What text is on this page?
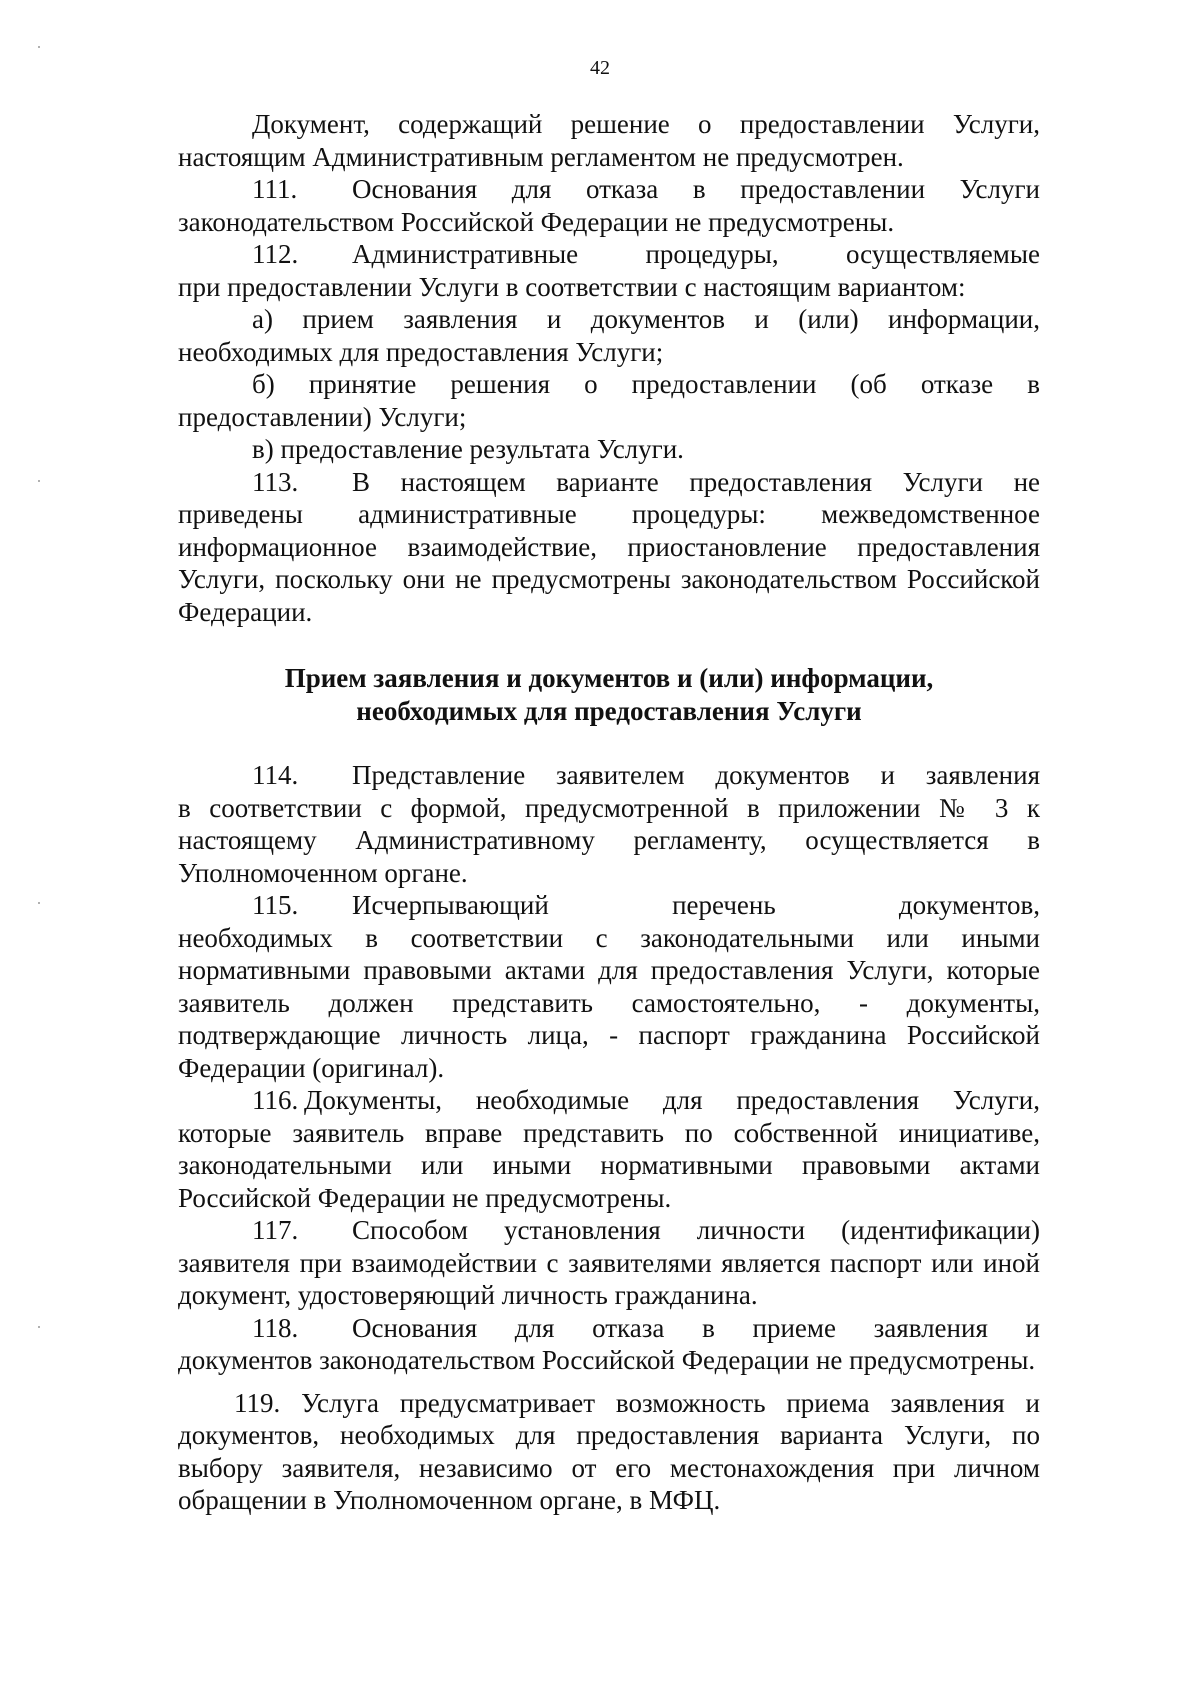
42
Документ, содержащий решение о предоставлении Услуги,
настоящим Административным регламентом не предусмотрен.
111. Основания для отказа в предоставлении Услуги
законодательством Российской Федерации не предусмотрены.
112. Административные процедуры, осуществляемые
при предоставлении Услуги в соответствии с настоящим вариантом:
а) прием заявления и документов и (или) информации,
необходимых для предоставления Услуги;
б) принятие решения о предоставлении (об отказе в
предоставлении) Услуги;
в) предоставление результата Услуги.
113. В настоящем варианте предоставления Услуги не
приведены административные процедуры: межведомственное информационное взаимодействие, приостановление предоставления Услуги, поскольку они не предусмотрены законодательством Российской Федерации.
Прием заявления и документов и (или) информации,
необходимых для предоставления Услуги
114. Представление заявителем документов и заявления
в соответствии с формой, предусмотренной в приложении № 3 к настоящему Административному регламенту, осуществляется в Уполномоченном органе.
115. Исчерпывающий перечень документов,
необходимых в соответствии с законодательными или иными нормативными правовыми актами для предоставления Услуги, которые заявитель должен представить самостоятельно, - документы, подтверждающие личность лица, - паспорт гражданина Российской Федерации (оригинал).
116. Документы, необходимые для предоставления Услуги,
которые заявитель вправе представить по собственной инициативе, законодательными или иными нормативными правовыми актами Российской Федерации не предусмотрены.
117. Способом установления личности (идентификации)
заявителя при взаимодействии с заявителями является паспорт или иной документ, удостоверяющий личность гражданина.
118. Основания для отказа в приеме заявления и
документов законодательством Российской Федерации не предусмотрены.
119. Услуга предусматривает возможность приема заявления и
документов, необходимых для предоставления варианта Услуги, по выбору заявителя, независимо от его местонахождения при личном обращении в Уполномоченном органе, в МФЦ.
